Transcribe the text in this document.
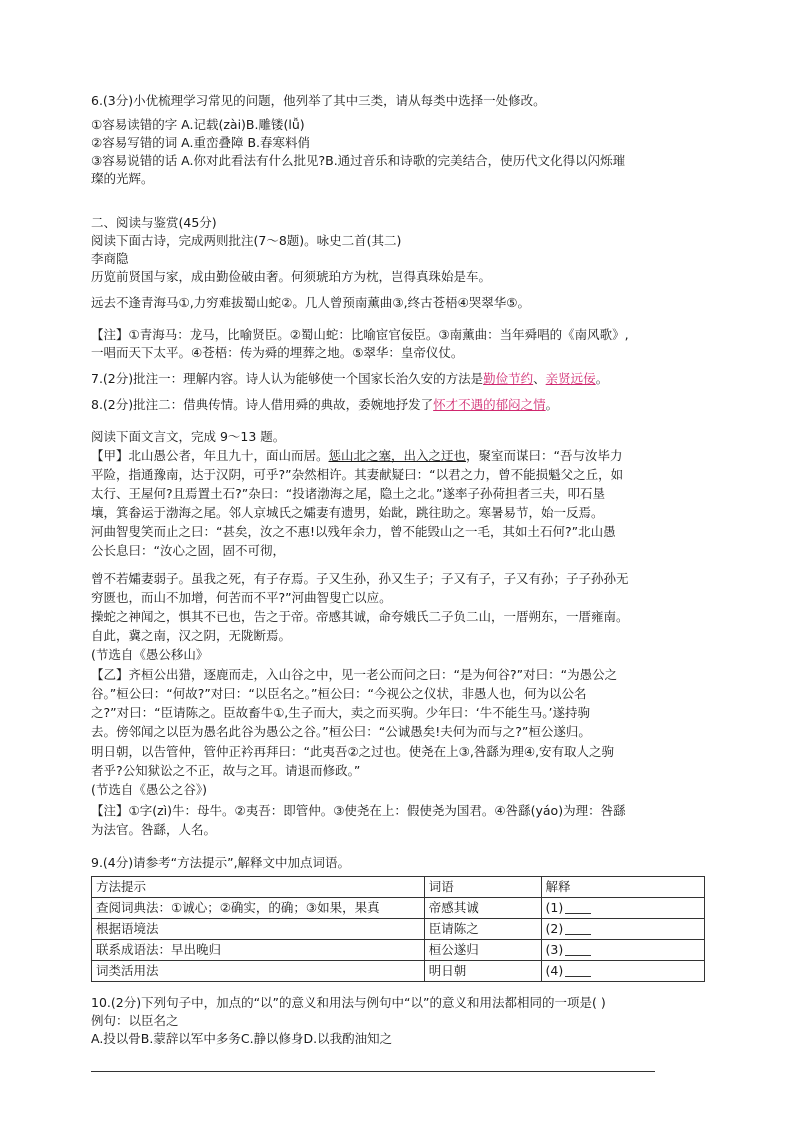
6.(3分)小优梳理学习常见的问题，他列举了其中三类，请从每类中选择一处修改。
①容易读错的字 A.记载(zài)B.雕镂(lǚ)
②容易写错的词 A.重峦叠障 B.春寒料俏
③容易说错的话 A.你对此看法有什么批见?B.通过音乐和诗歌的完美结合，使历代文化得以闪烁璀
璨的光辉。
二、阅读与鉴赏(45分)
阅读下面古诗，完成两则批注(7～8题)。咏史二首(其二)
李商隐
历览前贤国与家，成由勤俭破由奢。何须琥珀方为枕，岂得真珠始是车。
远去不逢青海马①,力穷难拔蜀山蛇②。几人曾预南薰曲③,终古苍梧④哭翠华⑤。
【注】①青海马：龙马，比喻贤臣。②蜀山蛇：比喻宦官佞臣。③南薰曲：当年舜唱的《南风歌》,
一唱而天下太平。④苍梧：传为舜的埋葬之地。⑤翠华：皇帝仪仗。
7.(2分)批注一：理解内容。诗人认为能够使一个国家长治久安的方法是勤俭节约、亲贤远佞。
8.(2分)批注二：借典传情。诗人借用舜的典故，委婉地抒发了怀才不遇的郁闷之情。
阅读下面文言文，完成 9～13 题。
【甲】北山愚公者，年且九十，面山而居。惩山北之塞，出入之迂也，聚室而谋曰：“吾与汝毕力
平险，指通豫南，达于汉阴，可乎?”杂然相许。其妻献疑曰：“以君之力，曾不能损魁父之丘，如
太行、王屋何?且焉置土石?”杂曰：“投诸渤海之尾，隐土之北。”遂率子孙荷担者三夫，叩石垦
壤，箕畚运于渤海之尾。邻人京城氏之孀妻有遗男，始龀，跳往助之。寒暑易节，始一反焉。
河曲智叟笑而止之曰：“甚矣，汝之不惠!以残年余力，曾不能毁山之一毛，其如土石何?”北山愚
公长息曰：“汝心之固，固不可彻，
曾不若孀妻弱子。虽我之死，有子存焉。子又生孙，孙又生子；子又有子，子又有孙；子子孙孙无
穷匮也，而山不加增，何苦而不平?”河曲智叟亡以应。
操蛇之神闻之，惧其不已也，告之于帝。帝感其诚，命夸娥氏二子负二山，一厝朔东，一厝雍南。
自此，冀之南，汉之阴，无陇断焉。
(节选自《愚公移山》
【乙】齐桓公出猎，逐鹿而走，入山谷之中，见一老公而问之曰：“是为何谷?”对曰：“为愚公之
谷。”桓公曰：“何故?”对曰：“以臣名之。”桓公曰：“今视公之仪状，非愚人也，何为以公名
之?”对曰：“臣请陈之。臣故畜牛①,生子而大，卖之而买驹。少年曰：‘牛不能生马。’遂持驹
去。傍邻闻之以臣为愚名此谷为愚公之谷。”桓公曰：“公诚愚矣!夫何为而与之?”桓公遂归。
明日朝，以告管仲，管仲正衿再拜曰：“此夷吾②之过也。使尧在上③,咎繇为理④,安有取人之驹
者乎?公知狱讼之不正，故与之耳。请退而修政。”
(节选自《愚公之谷》)
【注】①字(zì)牛：母牛。②夷吾：即管仲。③使尧在上：假使尧为国君。④咎繇(yáo)为理：咎繇
为法官。咎繇，人名。
9.(4分)请参考“方法提示”,解释文中加点词语。
方法提示	词语	解释
查阅词典法：①诚心；②确实，的确；③如果，果真	帝感其诚	(1)
根据语境法	臣请陈之	(2)
联系成语法：早出晚归	桓公遂归	(3)
词类活用法	明日朝	(4)
10.(2分)下列句子中，加点的“以”的意义和用法与例句中“以”的意义和用法都相同的一项是( )
例句：以臣名之
A.投以骨B.蒙辞以军中多务C.静以修身D.以我酌油知之
